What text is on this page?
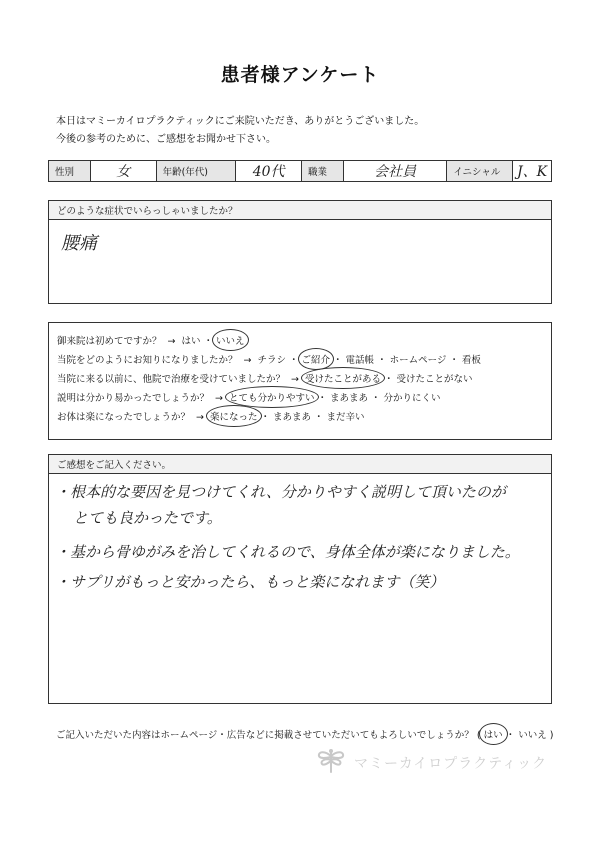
患者様アンケート
本日はマミーカイロプラクティックにご来院いただき、ありがとうございました。
今後の参考のために、ご感想をお聞かせ下さい。
性別	女	年齢(年代)	40代	職業	会社員	イニシャル	J、K
どのような症状でいらっしゃいましたか？
腰痛
御来院は初めてですか？ → はい ・ いいえ
当院をどのようにお知りになりましたか？ → チラシ ・ ご紹介 ・ 電話帳 ・ ホームページ ・ 看板
当院に来る以前に、他院で治療を受けていましたか？ → 受けたことがある ・ 受けたことがない
説明は分かり易かったでしょうか？ → とても分かりやすい ・ まあまあ ・ 分かりにくい
お体は楽になったでしょうか？ → 楽になった ・ まあまあ ・ まだ辛い
ご感想をご記入ください。
・根本的な要因を見つけてくれ、分かりやすく説明して頂いたのが
とても良かったです。
・基から骨ゆがみを治してくれるので、身体全体が楽になりました。
・サプリがもっと安かったら、もっと楽になれます（笑）
ご記入いただいた内容はホームページ・広告などに掲載させていただいてもよろしいでしょうか？ ( はい ・ いいえ )
マミーカイロプラクティック
